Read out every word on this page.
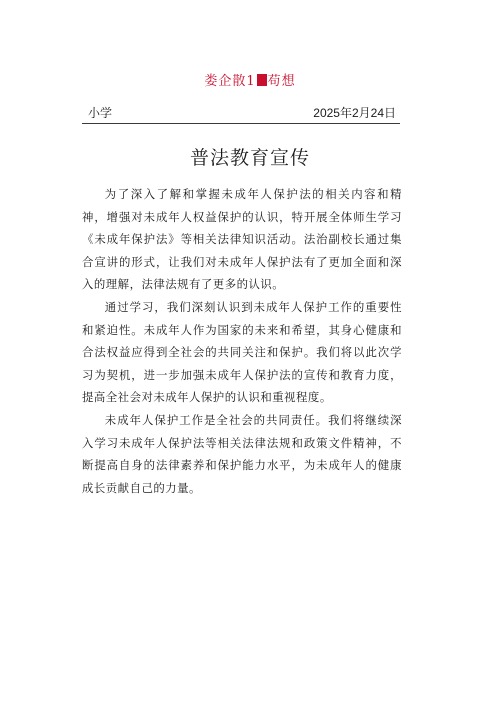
娄企散1 苟想
小学	2025年2月24日
普法教育宣传

为了深入了解和掌握未成年人保护法的相关内容和精神，增强对未成年人权益保护的认识，特开展全体师生学习《未成年保护法》等相关法律知识活动。法治副校长通过集合宣讲的形式，让我们对未成年人保护法有了更加全面和深入的理解，法律法规有了更多的认识。

通过学习，我们深刻认识到未成年人保护工作的重要性和紧迫性。未成年人作为国家的未来和希望，其身心健康和合法权益应得到全社会的共同关注和保护。我们将以此次学习为契机，进一步加强未成年人保护法的宣传和教育力度，提高全社会对未成年人保护的认识和重视程度。

未成年人保护工作是全社会的共同责任。我们将继续深入学习未成年人保护法等相关法律法规和政策文件精神，不断提高自身的法律素养和保护能力水平，为未成年人的健康成长贡献自己的力量。
